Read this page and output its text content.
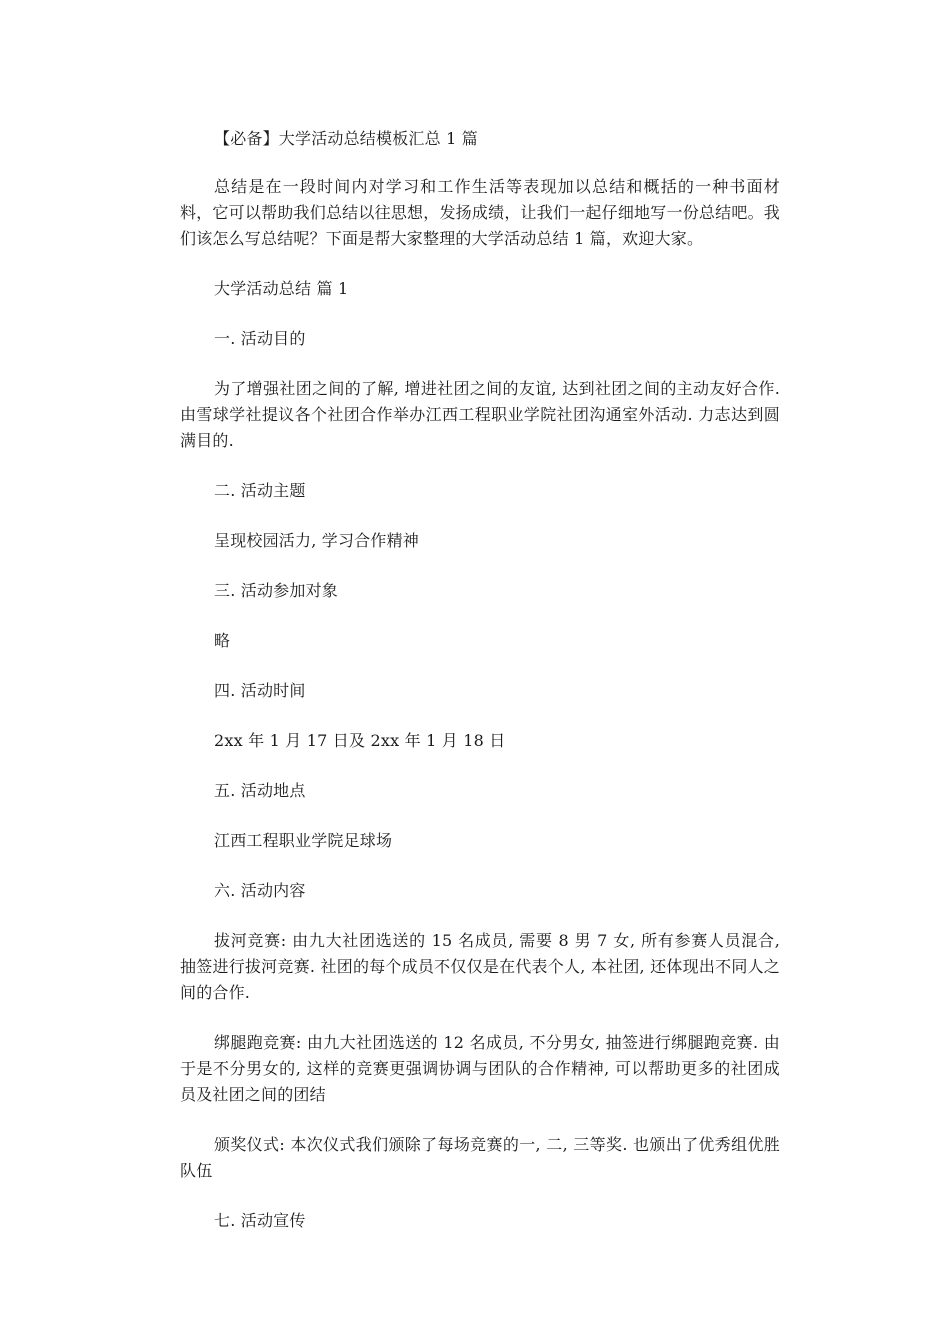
【必备】大学活动总结模板汇总 1 篇

总结是在一段时间内对学习和工作生活等表现加以总结和概括的一种书面材料，它可以帮助我们总结以往思想，发扬成绩，让我们一起仔细地写一份总结吧。我们该怎么写总结呢？下面是帮大家整理的大学活动总结 1 篇，欢迎大家。

大学活动总结 篇 1

一. 活动目的

为了增强社团之间的了解, 增进社团之间的友谊, 达到社团之间的主动友好合作. 由雪球学社提议各个社团合作举办江西工程职业学院社团沟通室外活动. 力志达到圆满目的.

二. 活动主题

呈现校园活力, 学习合作精神

三. 活动参加对象

略

四. 活动时间

2xx 年 1 月 17 日及 2xx 年 1 月 18 日

五. 活动地点

江西工程职业学院足球场

六. 活动内容

拔河竞赛: 由九大社团选送的 15 名成员, 需要 8 男 7 女, 所有参赛人员混合, 抽签进行拔河竞赛. 社团的每个成员不仅仅是在代表个人, 本社团, 还体现出不同人之间的合作.

绑腿跑竞赛: 由九大社团选送的 12 名成员, 不分男女, 抽签进行绑腿跑竞赛. 由于是不分男女的, 这样的竞赛更强调协调与团队的合作精神, 可以帮助更多的社团成员及社团之间的团结

颁奖仪式: 本次仪式我们颁除了每场竞赛的一, 二, 三等奖. 也颁出了优秀组优胜队伍

七. 活动宣传
